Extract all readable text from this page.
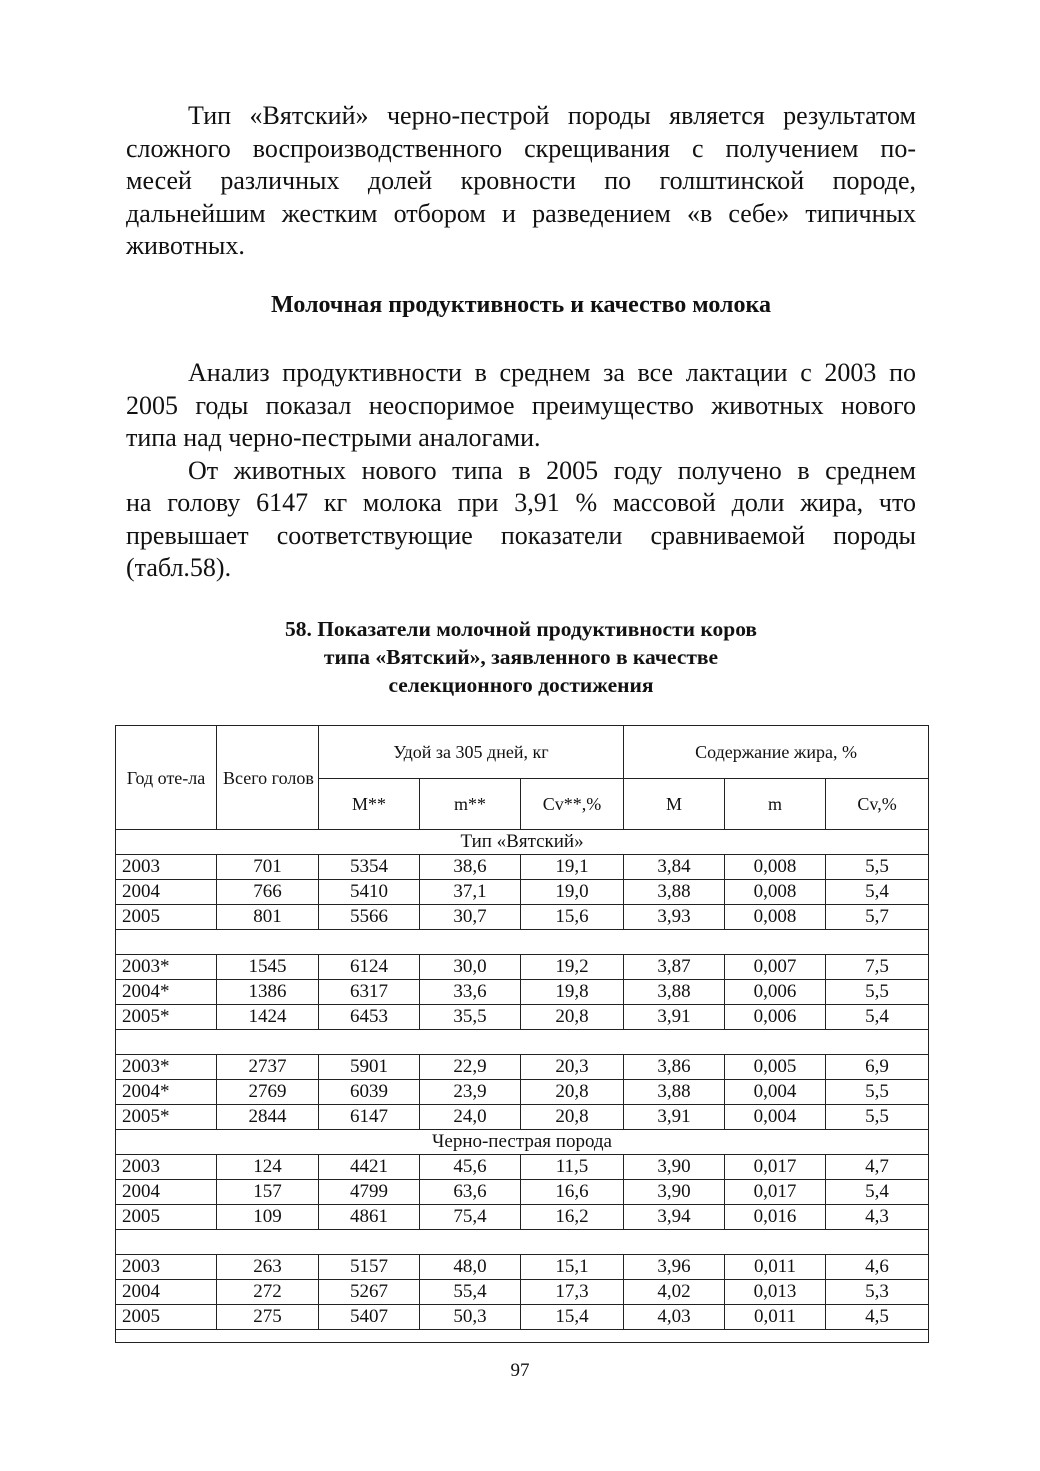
Тип «Вятский» черно-пестрой породы является результатом
сложного воспроизводственного скрещивания с получением по-
месей различных долей кровности по голштинской породе,
дальнейшим жестким отбором и разведением «в себе» типичных
животных.
Молочная продуктивность и качество молока
Анализ продуктивности в среднем за все лактации с 2003 по
2005 годы показал неоспоримое преимущество животных нового
типа над черно-пестрыми аналогами.
От животных нового типа в 2005 году получено в среднем
на голову 6147 кг молока при 3,91 % массовой доли жира, что
превышает соответствующие показатели сравниваемой породы
(табл.58).
58. Показатели молочной продуктивности коров
типа «Вятский», заявленного в качестве
селекционного достижения
Год оте-ла	Всего голов	Удой за 305 дней, кг			Содержание жира, %		
		М**	m**	Cv**,%	М	m	Cv,%
Тип «Вятский»							
2003	701	5354	38,6	19,1	3,84	0,008	5,5
2004	766	5410	37,1	19,0	3,88	0,008	5,4
2005	801	5566	30,7	15,6	3,93	0,008	5,7

2003*	1545	6124	30,0	19,2	3,87	0,007	7,5
2004*	1386	6317	33,6	19,8	3,88	0,006	5,5
2005*	1424	6453	35,5	20,8	3,91	0,006	5,4

2003*	2737	5901	22,9	20,3	3,86	0,005	6,9
2004*	2769	6039	23,9	20,8	3,88	0,004	5,5
2005*	2844	6147	24,0	20,8	3,91	0,004	5,5
Черно-пестрая порода							
2003	124	4421	45,6	11,5	3,90	0,017	4,7
2004	157	4799	63,6	16,6	3,90	0,017	5,4
2005	109	4861	75,4	16,2	3,94	0,016	4,3

2003	263	5157	48,0	15,1	3,96	0,011	4,6
2004	272	5267	55,4	17,3	4,02	0,013	5,3
2005	275	5407	50,3	15,4	4,03	0,011	4,5

97
